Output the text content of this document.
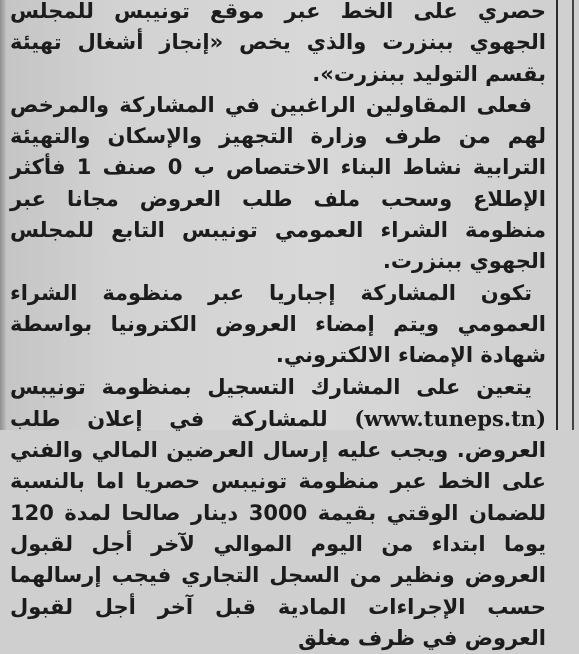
حصري على الخط عبر موقع تونيبس للمجلس الجهوي ببنزرت والذي يخص «إنجاز أشغال تهيئة بقسم التوليد ببنزرت».

فعلى المقاولين الراغبين في المشاركة والمرخص لهم من طرف وزارة التجهيز والإسكان والتهيئة الترابية نشاط البناء الاختصاص ب 0 صنف 1 فأكثر الإطلاع وسحب ملف طلب العروض مجانا عبر منظومة الشراء العمومي تونيبس التابع للمجلس الجهوي ببنزرت.

تكون المشاركة إجباريا عبر منظومة الشراء العمومي ويتم إمضاء العروض الكترونيا بواسطة شهادة الإمضاء الالكتروني.

يتعين على المشارك التسجيل بمنظومة تونيبس (www.tuneps.tn) للمشاركة في إعلان طلب العروض. ويجب عليه إرسال العرضين المالي والفني على الخط عبر منظومة تونيبس حصريا اما بالنسبة للضمان الوقتي بقيمة 3000 دينار صالحا لمدة 120 يوما ابتداء من اليوم الموالي لآخر أجل لقبول العروض ونظير من السجل التجاري فيجب إرسالهما حسب الإجراءات المادية قبل آخر أجل لقبول العروض في ظرف مغلق
